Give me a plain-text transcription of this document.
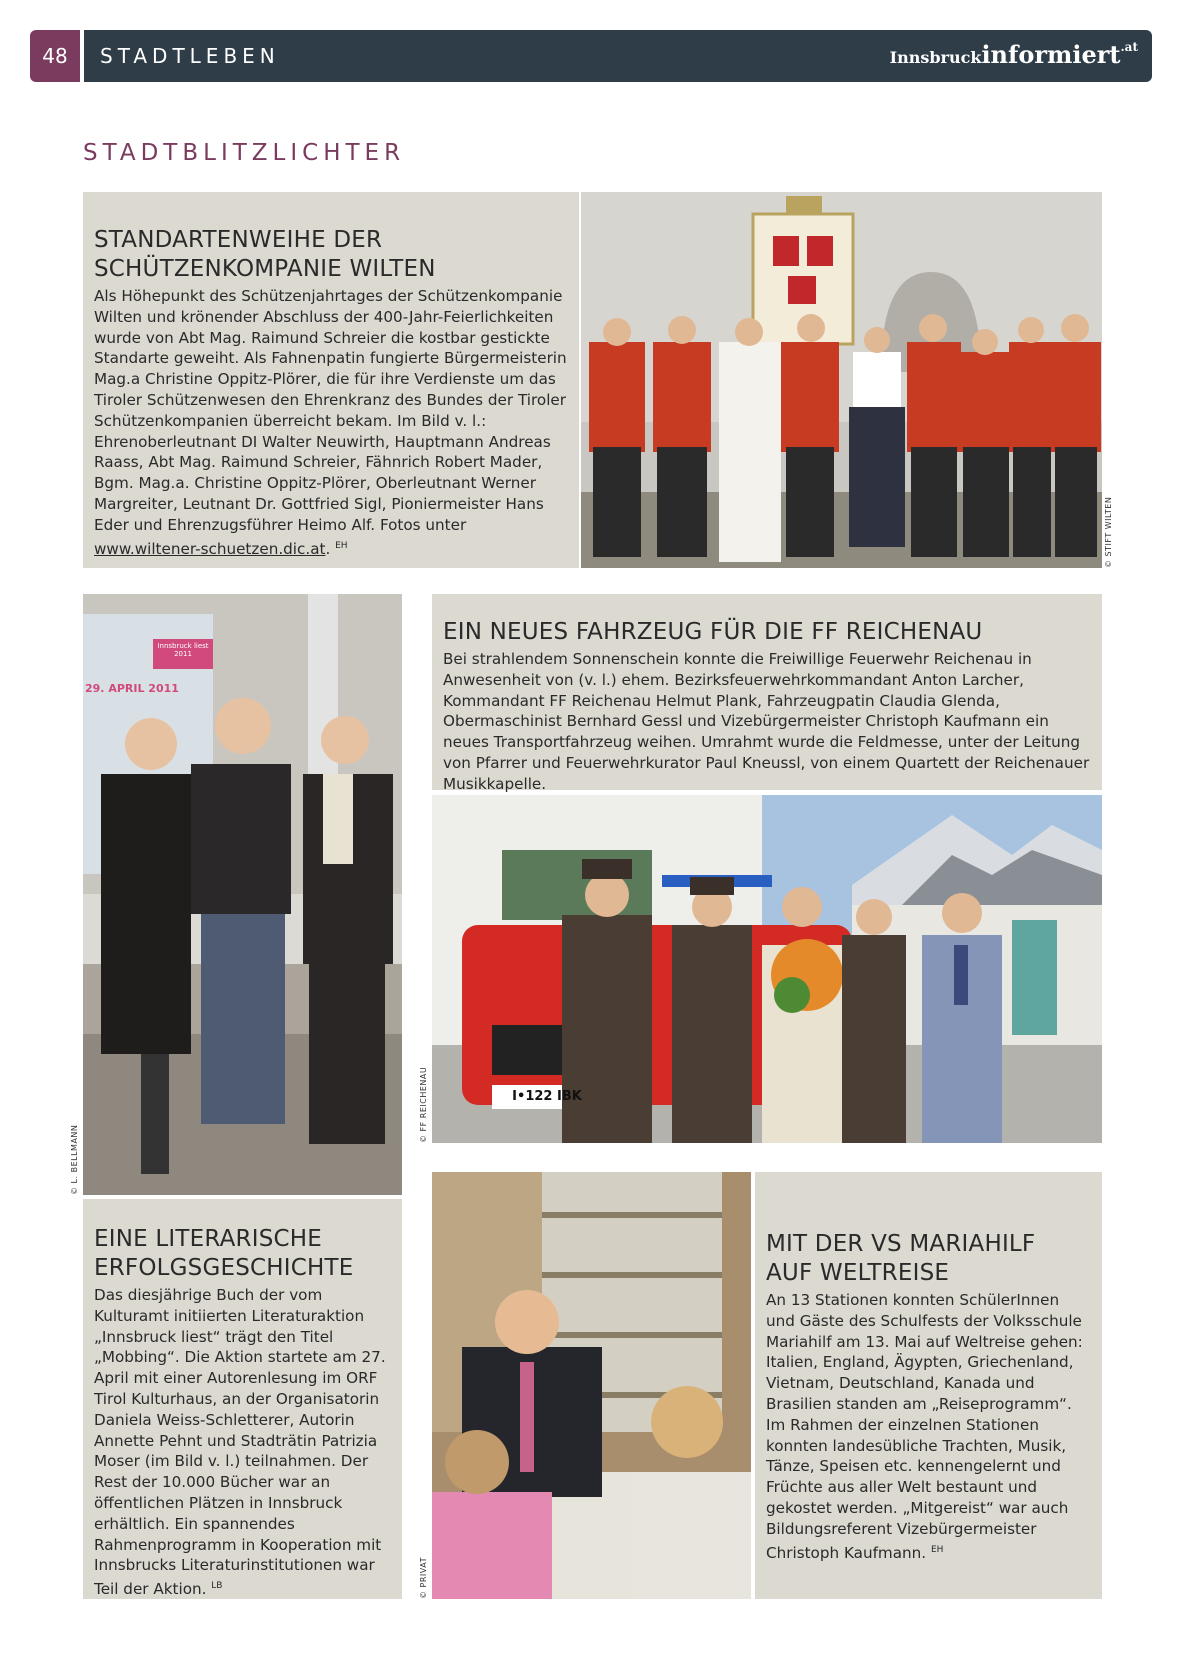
48	STADTLEBEN	Innsbruckinformiert$^{.at}$
STADTBLITZLICHTER
STANDARTENWEIHE DER
SCHÜTZENKOMPANIE WILTEN
Als Höhepunkt des Schützenjahrtages der Schützenkompanie Wilten und krönender Abschluss der 400-Jahr-Feierlichkeiten wurde von Abt Mag. Raimund Schreier die kostbar gestickte Standarte geweiht. Als Fahnenpatin fungierte Bürgermeisterin Mag.a Christine Oppitz-Plörer, die für ihre Verdienste um das Tiroler Schützenwesen den Ehrenkranz des Bundes der Tiroler Schützenkompanien überreicht bekam. Im Bild v. l.: Ehrenoberleutnant DI Walter Neuwirth, Hauptmann Andreas Raass, Abt Mag. Raimund Schreier, Fähnrich Robert Mader, Bgm. Mag.a. Christine Oppitz-Plörer, Oberleutnant Werner Margreiter, Leutnant Dr. Gottfried Sigl, Pioniermeister Hans Eder und Ehrenzugsführer Heimo Alf. Fotos unter www.wiltener-schuetzen.dic.at. $^{EH}$	© STIFT WILTEN
EIN NEUES FAHRZEUG FÜR DIE FF REICHENAU
Bei strahlendem Sonnenschein konnte die Freiwillige Feuerwehr Reichenau in Anwesenheit von (v. l.) ehem. Bezirksfeuerwehrkommandant Anton Larcher, Kommandant FF Reichenau Helmut Plank, Fahrzeugpatin Claudia Glenda, Obermaschinist Bernhard Gessl und Vizebürgermeister Christoph Kaufmann ein neues Transportfahrzeug weihen. Umrahmt wurde die Feldmesse, unter der Leitung von Pfarrer und Feuerwehrkurator Paul Kneussl, von einem Quartett der Reichenauer Musikkapelle.
I•122 IBK
© FF REICHENAU
Innsbruck liest 2011
29. APRIL 2011
© L. BELLMANN
EINE LITERARISCHE
ERFOLGSGESCHICHTE
Das diesjährige Buch der vom Kulturamt initiierten Literaturaktion „Innsbruck liest“ trägt den Titel „Mobbing“. Die Aktion startete am 27. April mit einer Autorenlesung im ORF Tirol Kulturhaus, an der Organisatorin Daniela Weiss-Schletterer, Autorin Annette Pehnt und Stadträtin Patrizia Moser (im Bild v. l.) teilnahmen. Der Rest der 10.000 Bücher war an öffentlichen Plätzen in Innsbruck erhältlich. Ein spannendes Rahmenprogramm in Kooperation mit Innsbrucks Literaturinstitutionen war Teil der Aktion. $^{LB}$	© PRIVAT
MIT DER VS MARIAHILF
AUF WELTREISE
An 13 Stationen konnten SchülerInnen und Gäste des Schulfests der Volksschule Mariahilf am 13. Mai auf Weltreise gehen: Italien, England, Ägypten, Griechenland, Vietnam, Deutschland, Kanada und Brasilien standen am „Reiseprogramm“. Im Rahmen der einzelnen Stationen konnten landesübliche Trachten, Musik, Tänze, Speisen etc. kennengelernt und Früchte aus aller Welt bestaunt und gekostet werden. „Mitgereist“ war auch Bildungsreferent Vizebürgermeister Christoph Kaufmann. $^{EH}$
